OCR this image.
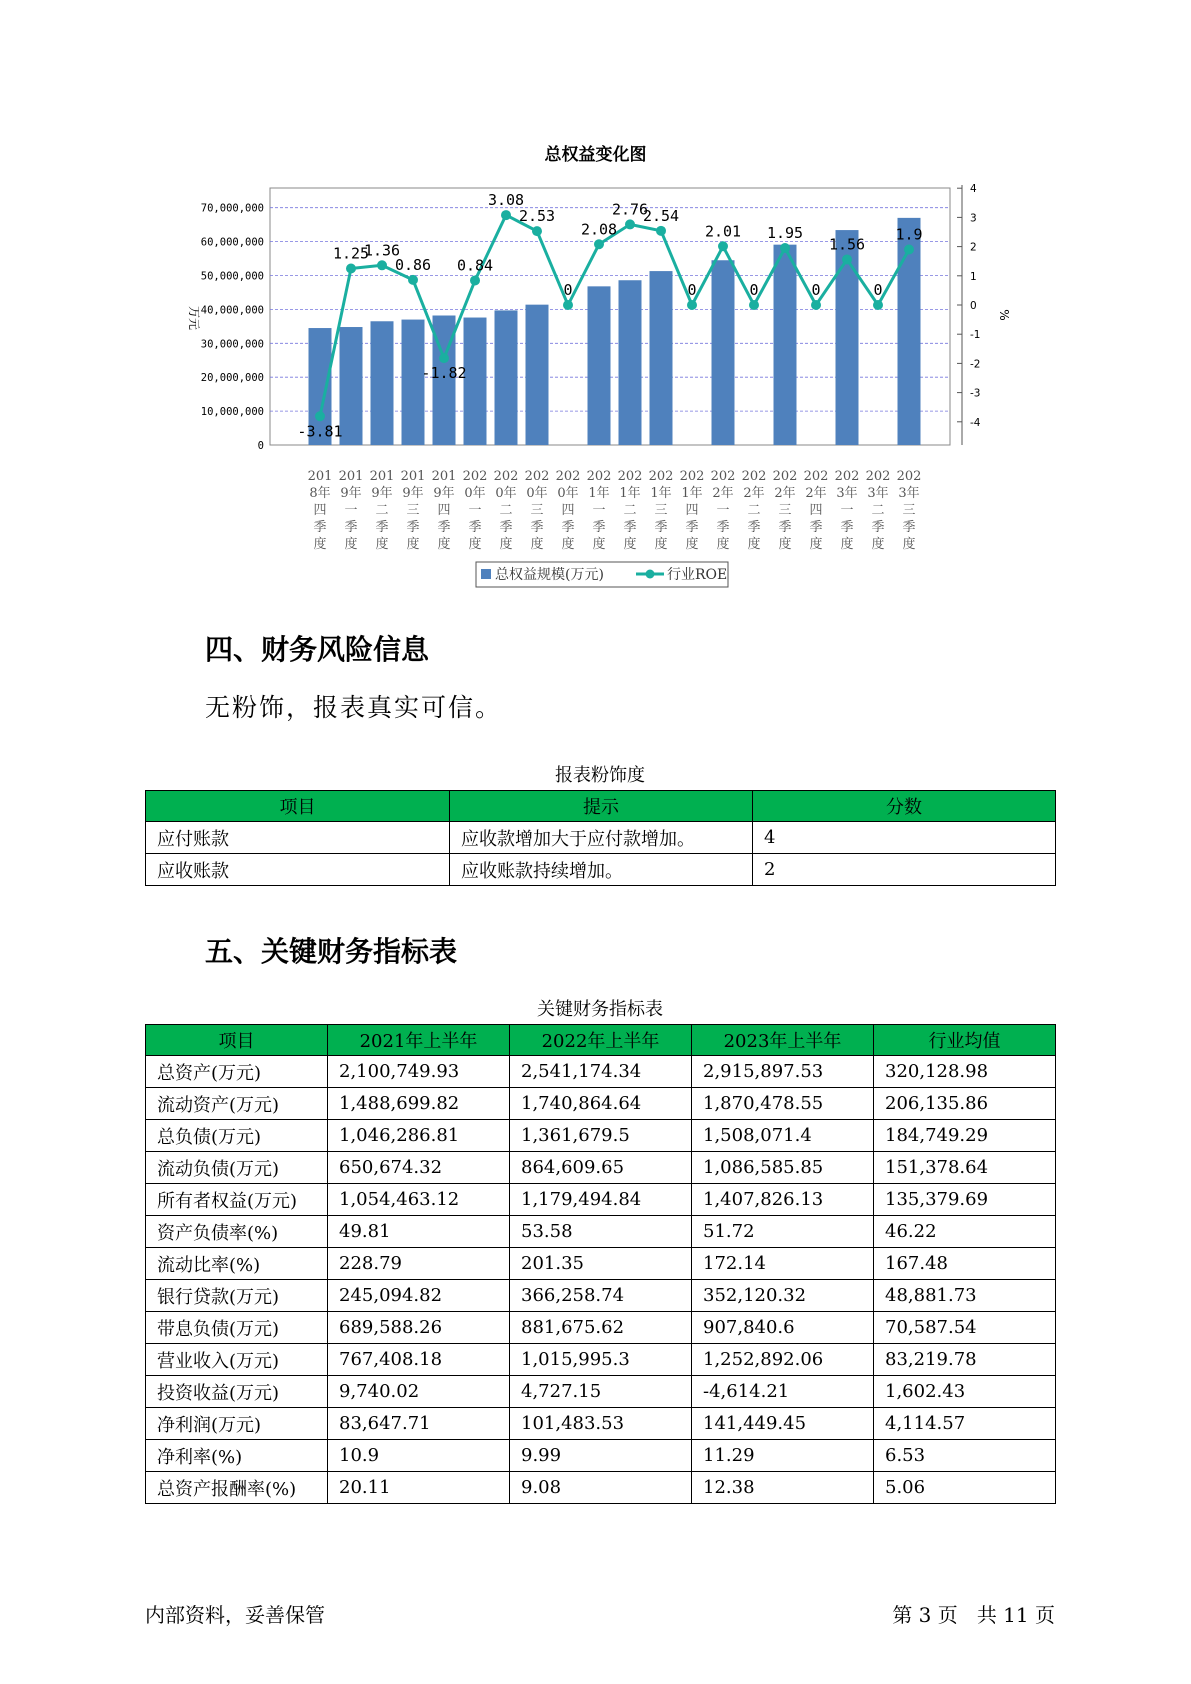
总权益变化图
70,000,000
60,000,000
50,000,000
40,000,000
30,000,000
20,000,000
10,000,000
0
4
3
2
1
0
-1
-2
-3
-4
万元	%
-3.81
1.25
1.36
0.86
-1.82
0.84
3.08
2.53
0
2.08
2.76
2.54
0
2.01
0
1.95
0
1.56
0
1.9
201
8年
四
季
度
201
9年
一
季
度
201
9年
二
季
度
201
9年
三
季
度
201
9年
四
季
度
202
0年
一
季
度
202
0年
二
季
度
202
0年
三
季
度
202
0年
四
季
度
202
1年
一
季
度
202
1年
二
季
度
202
1年
三
季
度
202
1年
四
季
度
202
2年
一
季
度
202
2年
二
季
度
202
2年
三
季
度
202
2年
四
季
度
202
3年
一
季
度
202
3年
二
季
度
202
3年
三
季
度
总权益规模(万元)	行业ROE
四、财务风险信息
无粉饰，报表真实可信。
报表粉饰度
项目	提示	分数
应付账款	应收款增加大于应付款增加。	4
应收账款	应收账款持续增加。	2
五、关键财务指标表
关键财务指标表
项目	2021年上半年	2022年上半年	2023年上半年	行业均值
总资产(万元)	2,100,749.93	2,541,174.34	2,915,897.53	320,128.98
流动资产(万元)	1,488,699.82	1,740,864.64	1,870,478.55	206,135.86
总负债(万元)	1,046,286.81	1,361,679.5	1,508,071.4	184,749.29
流动负债(万元)	650,674.32	864,609.65	1,086,585.85	151,378.64
所有者权益(万元)	1,054,463.12	1,179,494.84	1,407,826.13	135,379.69
资产负债率(%)	49.81	53.58	51.72	46.22
流动比率(%)	228.79	201.35	172.14	167.48
银行贷款(万元)	245,094.82	366,258.74	352,120.32	48,881.73
带息负债(万元)	689,588.26	881,675.62	907,840.6	70,587.54
营业收入(万元)	767,408.18	1,015,995.3	1,252,892.06	83,219.78
投资收益(万元)	9,740.02	4,727.15	-4,614.21	1,602.43
净利润(万元)	83,647.71	101,483.53	141,449.45	4,114.57
净利率(%)	10.9	9.99	11.29	6.53
总资产报酬率(%)	20.11	9.08	12.38	5.06
内部资料，妥善保管	第 3 页   共 11 页
